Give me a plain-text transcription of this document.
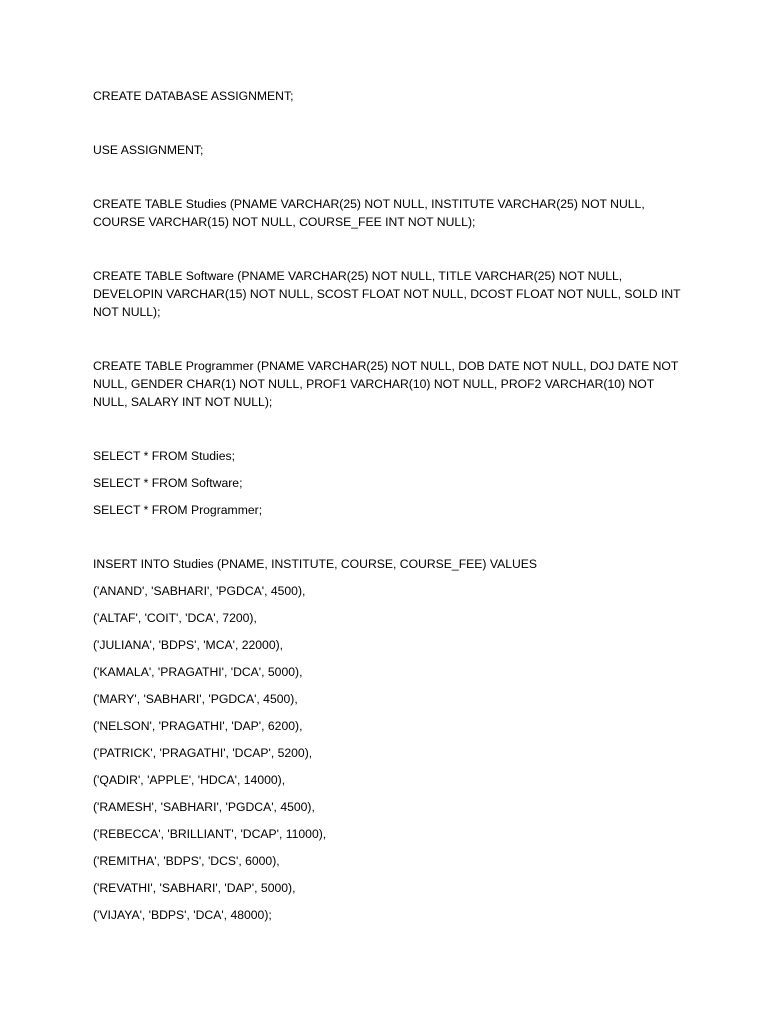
CREATE DATABASE ASSIGNMENT;

USE ASSIGNMENT;

CREATE TABLE Studies (PNAME VARCHAR(25) NOT NULL, INSTITUTE VARCHAR(25) NOT NULL, COURSE VARCHAR(15) NOT NULL, COURSE_FEE INT NOT NULL);

CREATE TABLE Software (PNAME VARCHAR(25) NOT NULL, TITLE VARCHAR(25) NOT NULL, DEVELOPIN VARCHAR(15) NOT NULL, SCOST FLOAT NOT NULL, DCOST FLOAT NOT NULL, SOLD INT NOT NULL);

CREATE TABLE Programmer (PNAME VARCHAR(25) NOT NULL, DOB DATE NOT NULL, DOJ DATE NOT NULL, GENDER CHAR(1) NOT NULL, PROF1 VARCHAR(10) NOT NULL, PROF2 VARCHAR(10) NOT NULL, SALARY INT NOT NULL);

SELECT * FROM Studies;

SELECT * FROM Software;

SELECT * FROM Programmer;

INSERT INTO Studies (PNAME, INSTITUTE, COURSE, COURSE_FEE) VALUES

('ANAND', 'SABHARI', 'PGDCA', 4500),

('ALTAF', 'COIT', 'DCA', 7200),

('JULIANA', 'BDPS', 'MCA', 22000),

('KAMALA', 'PRAGATHI', 'DCA', 5000),

('MARY', 'SABHARI', 'PGDCA', 4500),

('NELSON', 'PRAGATHI', 'DAP', 6200),

('PATRICK', 'PRAGATHI', 'DCAP', 5200),

('QADIR', 'APPLE', 'HDCA', 14000),

('RAMESH', 'SABHARI', 'PGDCA', 4500),

('REBECCA', 'BRILLIANT', 'DCAP', 11000),

('REMITHA', 'BDPS', 'DCS', 6000),

('REVATHI', 'SABHARI', 'DAP', 5000),

('VIJAYA', 'BDPS', 'DCA', 48000);
